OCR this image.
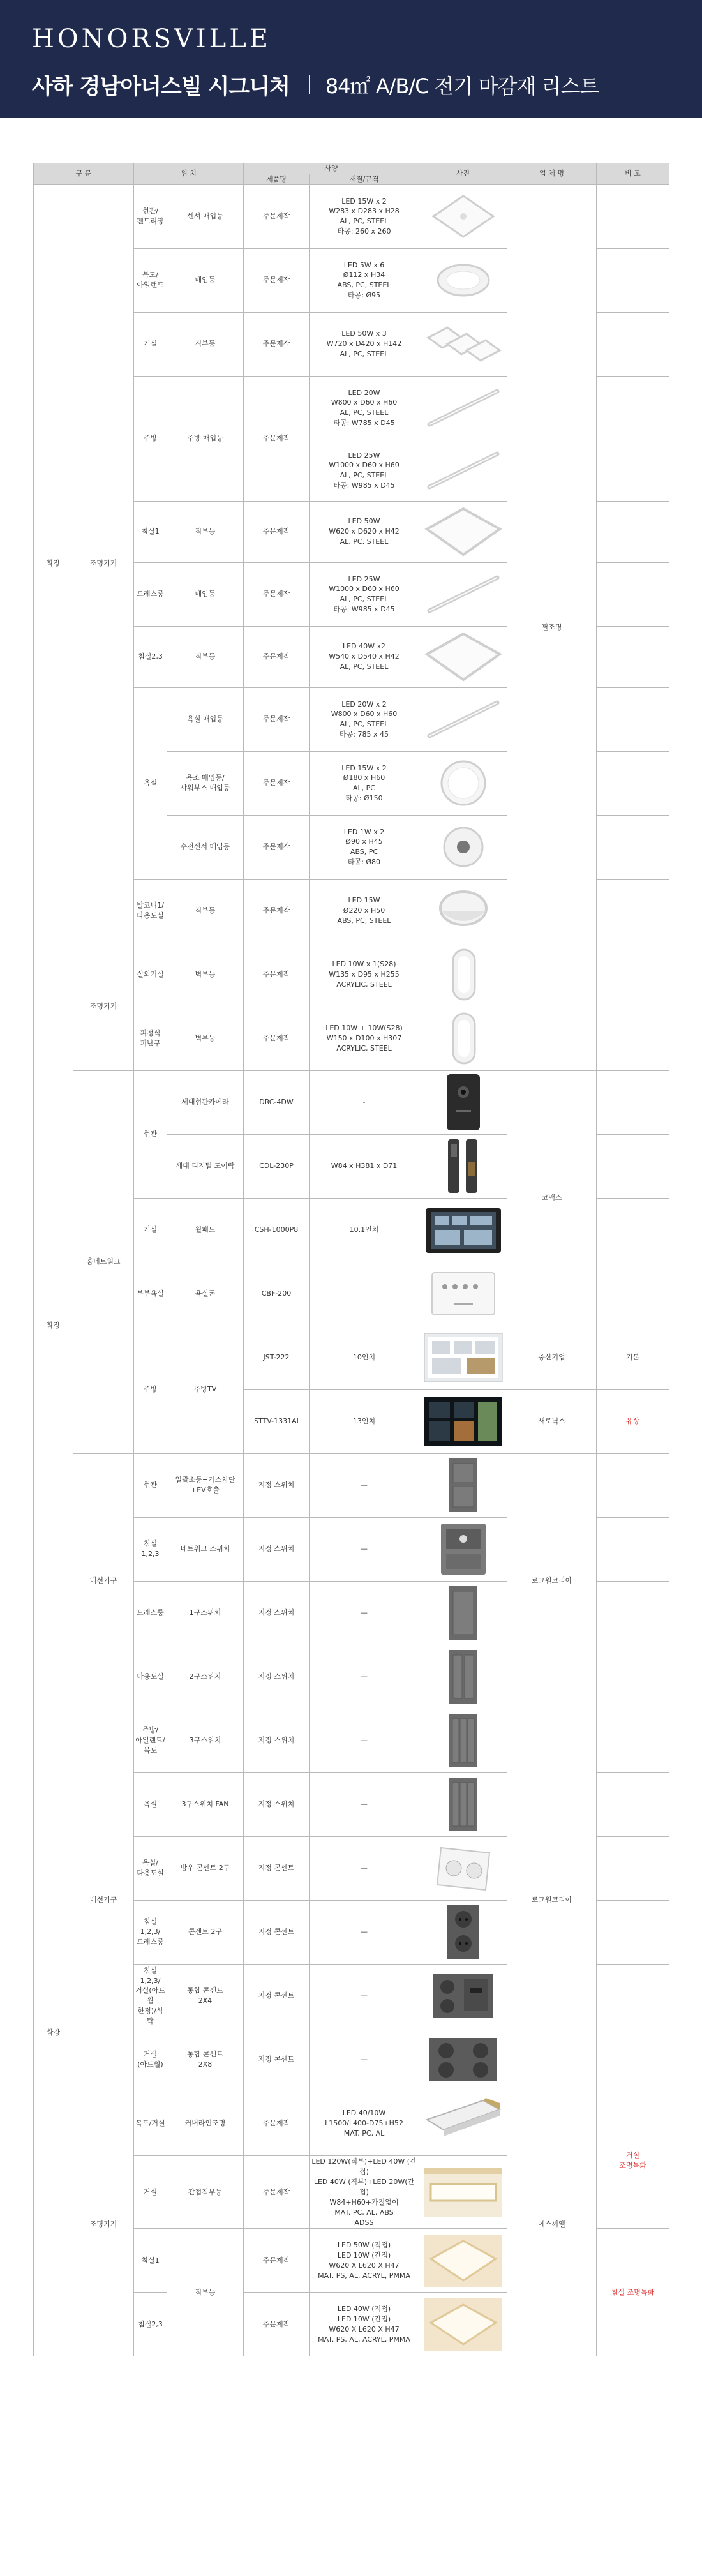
HONORSVILLE
사하 경남아너스빌 시그니처 84㎡ A/B/C 전기 마감재 리스트
구 분		위 치		사양		사진	업 체 명	비 고
				제품명	재질/규격			
확장	조명기기	현관/
팬트리장	센서 매입등	주문제작	LED 15W x 2
W283 x D283 x H28
AL, PC, STEEL
타공: 260 x 260		필조명	
		복도/
아일랜드	매입등	주문제작	LED 5W x 6
Ø112 x H34
ABS, PC, STEEL
타공: Ø95	

		거실	직부등	주문제작	LED 50W x 3
W720 x D420 x H142
AL, PC, STEEL	

		주방	주방 매입등	주문제작	LED 20W
W800 x D60 x H60
AL, PC, STEEL
타공: W785 x D45	

					LED 25W
W1000 x D60 x H60
AL, PC, STEEL
타공: W985 x D45	

		침실1	직부등	주문제작	LED 50W
W620 x D620 x H42
AL, PC, STEEL	

		드레스룸	매입등	주문제작	LED 25W
W1000 x D60 x H60
AL, PC, STEEL
타공: W985 x D45	

		침실2,3	직부등	주문제작	LED 40W x2
W540 x D540 x H42
AL, PC, STEEL	

		욕실	욕실 매입등	주문제작	LED 20W x 2
W800 x D60 x H60
AL, PC, STEEL
타공: 785 x 45	

			욕조 매입등/
샤워부스 매입등	주문제작	LED 15W x 2
Ø180 x H60
AL, PC
타공: Ø150	

			수전센서 매입등	주문제작	LED 1W x 2
Ø90 x H45
ABS, PC
타공: Ø80	

		발코니1/
다용도실	직부등	주문제작	LED 15W
Ø220 x H50
ABS, PC, STEEL	

확장	조명기기	실외기실	벽부등	주문제작	LED 10W x 1(S28)
W135 x D95 x H255
ACRYLIC, STEEL	

		피청식
피난구	벽부등	주문제작	LED 10W + 10W(S28)
W150 x D100 x H307
ACRYLIC, STEEL	

	홈네트워크	현관	세대현관카메라	DRC-4DW	-		코맥스	
			세대 디지털 도어락	CDL-230P	W84 x H381 x D71	

		거실	월패드	CSH-1000P8	10.1인치	

		부부욕실	욕실폰	CBF-200		

		주방	주방TV	JST-222	10인치		중산기업	기본
				STTV-1331AI	13인치		새로닉스	유상
	배선기구	현관	일괄소등+가스차단
+EV호출	지정 스위치	—		로그원코리아	
		침실1,2,3	네트워크 스위치	지정 스위치	—	

		드레스룸	1구스위치	지정 스위치	—	

		다용도실	2구스위치	지정 스위치	—	

확장	배선기구	주방/
아일랜드/
복도	3구스위치	지정 스위치	—		로그원코리아	
		욕실	3구스위치 FAN	지정 스위치	—	

		욕실/
다용도실	방우 콘센트 2구	지정 콘센트	—	

		침실1,2,3/
드레스룸	콘센트 2구	지정 콘센트	—	

		침실1,2,3/
거실(아트월
한정)/식탁	통합 콘센트
2X4	지정 콘센트	—	

		거실
(아트월)	통합 콘센트
2X8	지정 콘센트	—	

	조명기기	복도/거실	커버라인조명	주문제작	LED 40/10W
L1500/L400-D75+H52
MAT. PC, AL		에스씨엘	거실
조명특화
		거실	간접직부등	주문제작	LED 120W(직부)+LED 40W (간접)
LED 40W (직부)+LED 20W(간접)
W84+H60+가칠없이
MAT. PC, AL, ABS
ADSS	

		침실1	직부등	주문제작	LED 50W (직접)
LED 10W (간접)
W620 X L620 X H47
MAT. PS, AL, ACRYL, PMMA			침실 조명특화
		침실2,3		주문제작	LED 40W (직접)
LED 10W (간접)
W620 X L620 X H47
MAT. PS, AL, ACRYL, PMMA	
